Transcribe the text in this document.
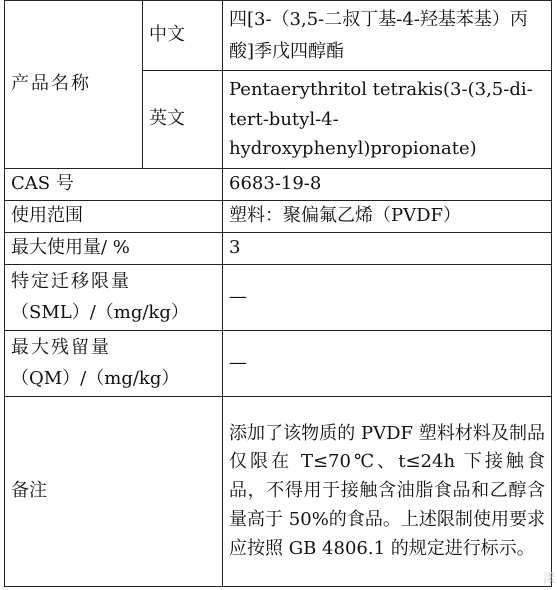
产品名称	中文	四[3-（3,5-二叔丁基-4-羟基苯基）丙酸]季戊四醇酯
	英文	Pentaerythritol tetrakis(3-(3,5-di-tert-butyl-4-hydroxyphenyl)propionate)
CAS 号		6683-19-8
使用范围		塑料：聚偏氟乙烯（PVDF）
最大使用量/ %		3

特定迁移限量
（SML）/（mg/kg）		—

最大残留量
（QM）/（mg/kg）		—
备注		添加了该物质的 PVDF 塑料材料及制品仅限在 T≤70℃、t≤24h 下接触食品，不得用于接触含油脂食品和乙醇含量高于 50%的食品。上述限制使用要求应按照 GB 4806.1 的规定进行标示。
漾
